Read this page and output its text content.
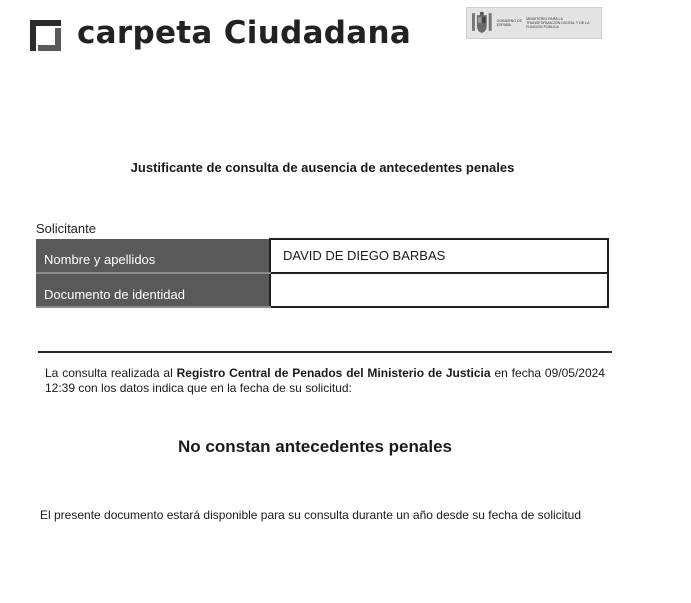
carpeta Ciudadana	GOBIERNO DE ESPAÑA
MINISTERIO PARA LA TRANSFORMACIÓN DIGITAL Y DE LA FUNCIÓN PÚBLICA
Justificante de consulta de ausencia de antecedentes penales
Solicitante
Nombre y apellidos	DAVID DE DIEGO BARBAS
Documento de identidad	
La consulta realizada al Registro Central de Penados del Ministerio de Justicia en fecha 09/05/2024 12:39 con los datos indica que en la fecha de su solicitud:
No constan antecedentes penales
El presente documento estará disponible para su consulta durante un año desde su fecha de solicitud
